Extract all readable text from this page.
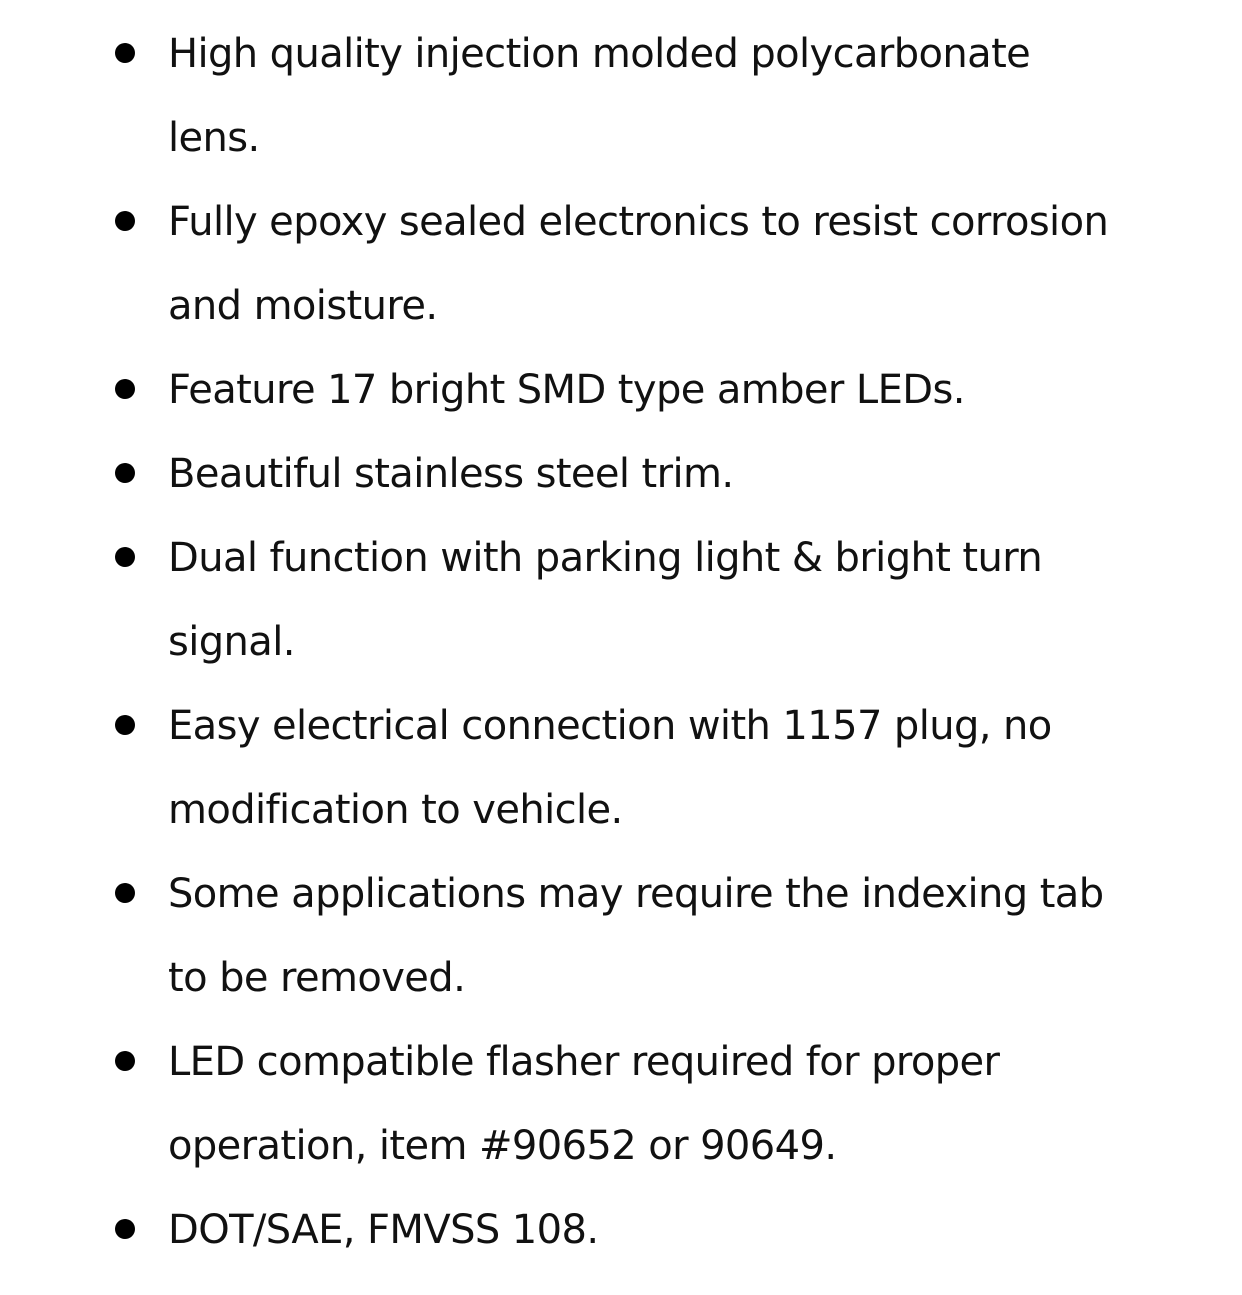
High quality injection molded polycarbonate
lens.
Fully epoxy sealed electronics to resist corrosion
and moisture.
Feature 17 bright SMD type amber LEDs.
Beautiful stainless steel trim.
Dual function with parking light & bright turn
signal.
Easy electrical connection with 1157 plug, no
modification to vehicle.
Some applications may require the indexing tab
to be removed.
LED compatible flasher required for proper
operation, item #90652 or 90649.
DOT/SAE, FMVSS 108.
